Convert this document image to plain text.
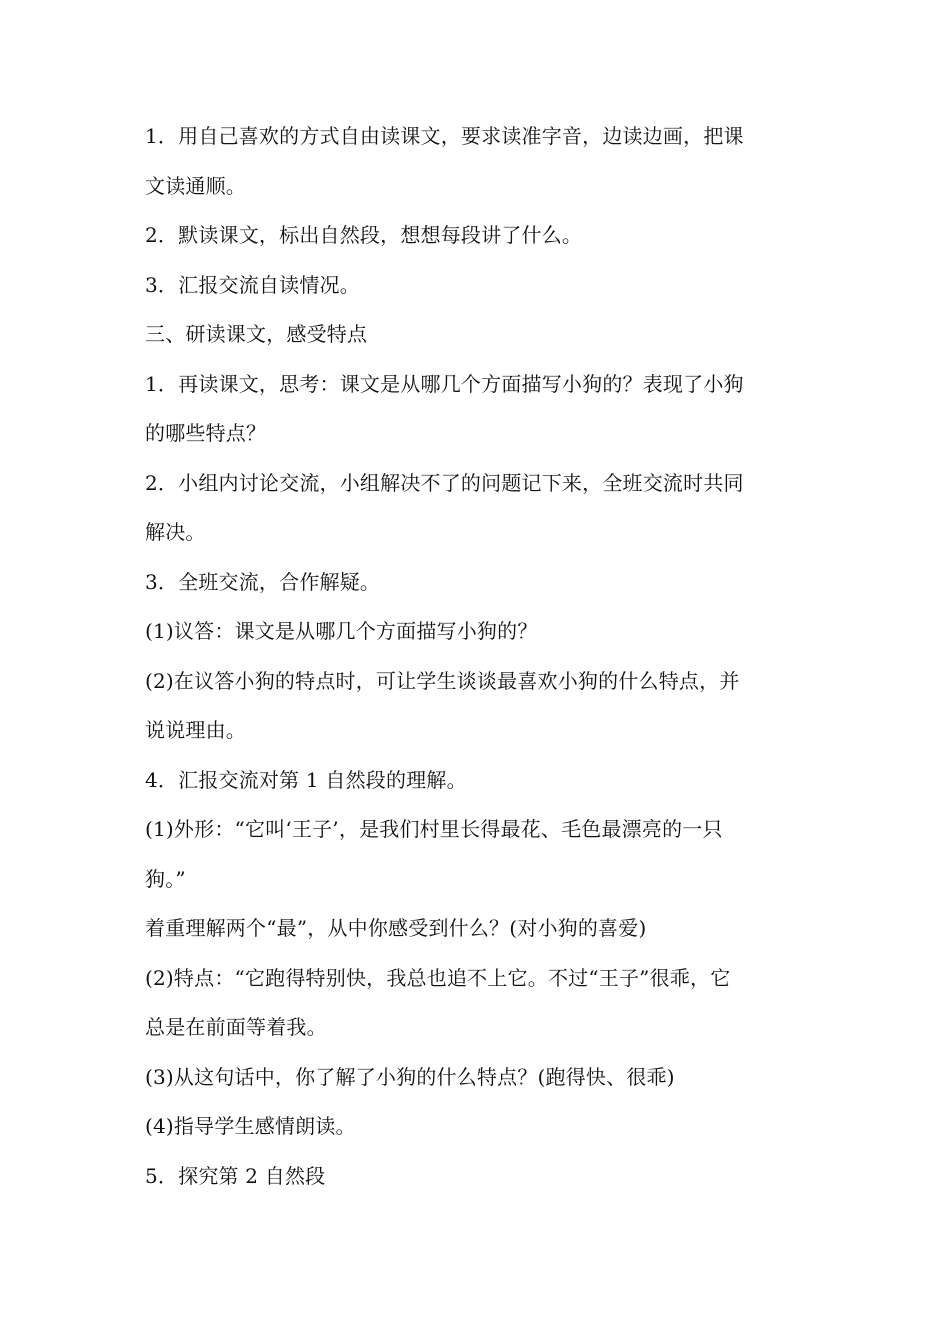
1．用自己喜欢的方式自由读课文，要求读准字音，边读边画，把课
文读通顺。
2．默读课文，标出自然段，想想每段讲了什么。
3．汇报交流自读情况。
三、研读课文，感受特点
1．再读课文，思考：课文是从哪几个方面描写小狗的？表现了小狗
的哪些特点？
2．小组内讨论交流，小组解决不了的问题记下来，全班交流时共同
解决。
3．全班交流，合作解疑。
(1)议答：课文是从哪几个方面描写小狗的？
(2)在议答小狗的特点时，可让学生谈谈最喜欢小狗的什么特点，并
说说理由。
4．汇报交流对第 1 自然段的理解。
(1)外形：“它叫‘王子’，是我们村里长得最花、毛色最漂亮的一只
狗。”
着重理解两个“最”，从中你感受到什么？(对小狗的喜爱)
(2)特点：“它跑得特别快，我总也追不上它。不过“王子”很乖，它
总是在前面等着我。
(3)从这句话中，你了解了小狗的什么特点？(跑得快、很乖)
(4)指导学生感情朗读。
5．探究第 2 自然段
